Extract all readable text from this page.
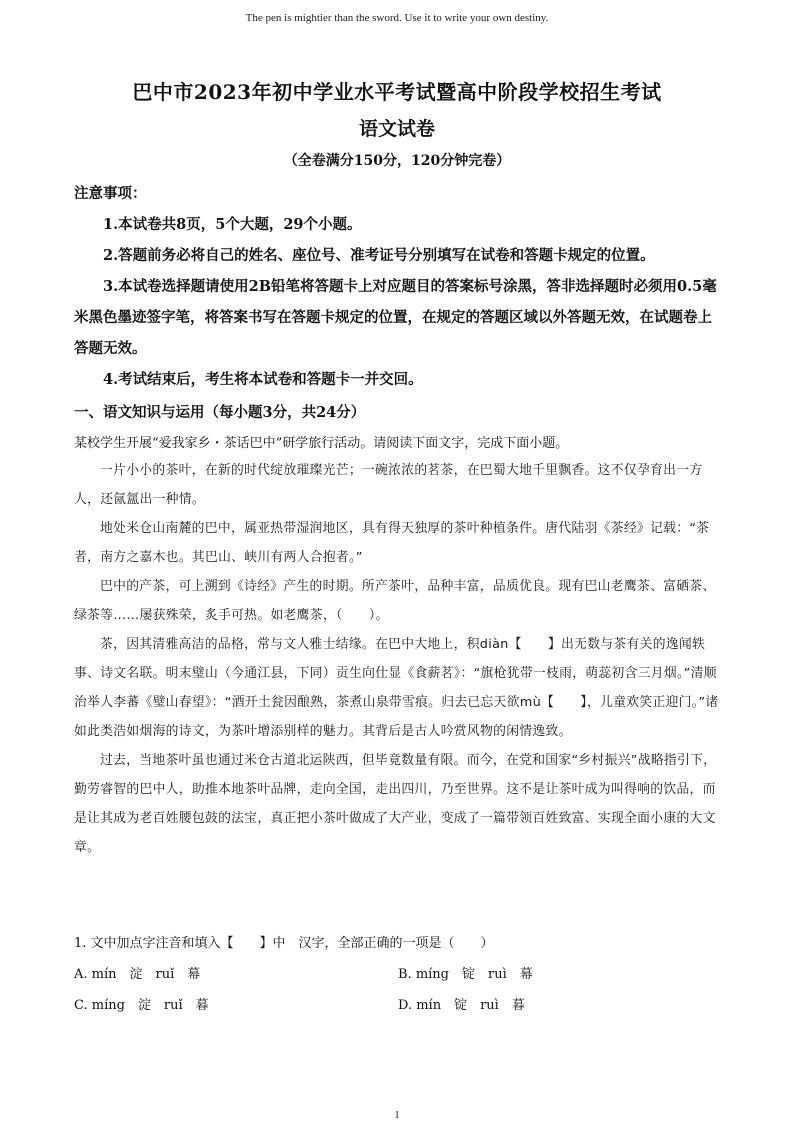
The pen is mightier than the sword. Use it to write your own destiny.
巴中市2023年初中学业水平考试暨高中阶段学校招生考试
语文试卷
（全卷满分150分，120分钟完卷）

注意事项：

1.本试卷共8页，5个大题，29个小题。

2.答题前务必将自己的姓名、座位号、准考证号分别填写在试卷和答题卡规定的位置。

3.本试卷选择题请使用2B铅笔将答题卡上对应题目的答案标号涂黑，答非选择题时必须用0.5毫米黑色墨迹签字笔，将答案书写在答题卡规定的位置，在规定的答题区域以外答题无效，在试题卷上答题无效。

4.考试结束后，考生将本试卷和答题卡一并交回。

一、语文知识与运用（每小题3分，共24分）
某校学生开展“爱我家乡・茶话巴中”研学旅行活动。请阅读下面文字，完成下面小题。

一片小小的茶叶，在新的时代绽放璀璨光芒；一碗浓浓的茗茶，在巴蜀大地千里飘香。这不仅孕育出一方人，还氤氲出一种情。

地处米仓山南麓的巴中，属亚热带湿润地区，具有得天独厚的茶叶种植条件。唐代陆羽《茶经》记载：“茶者，南方之嘉木也。其巴山、峡川有两人合抱者。”

巴中的产茶，可上溯到《诗经》产生的时期。所产茶叶，品种丰富，品质优良。现有巴山老鹰茶、富硒茶、绿茶等……屡获殊荣，炙手可热。如老鹰茶，（　　）。

茶，因其清雅高洁的品格，常与文人雅士结缘。在巴中大地上，积diàn【　　】出无数与茶有关的逸闻轶事、诗文名联。明末璧山（今通江县，下同）贡生向仕显《食薪茗》：“旗枪犹带一枝雨，萌蕊初含三月烟。”清顺治举人李蕃《璧山春望》：“酒开土瓮因酿熟，茶煮山泉带雪痕。归去已忘天欲mù【　　】，儿童欢笑正迎门。”诸如此类浩如烟海的诗文，为茶叶增添别样的魅力。其背后是古人吟赏风物的闲情逸致。

过去，当地茶叶虽也通过米仓古道北运陕西，但毕竟数量有限。而今，在党和国家“乡村振兴”战略指引下，勤劳睿智的巴中人，助推本地茶叶品牌，走向全国，走出四川，乃至世界。这不是让茶叶成为叫得响的饮品，而是让其成为老百姓腰包鼓的法宝，真正把小茶叶做成了大产业，变成了一篇带领百姓致富、实现全面小康的大文章。

1. 文中加点字注音和填入【　　】中　汉字，全部正确的一项是（　　）
A. mín　淀　ruǐ　幕	B. míng　锭　ruì　幕
C. míng　淀　ruǐ　暮	D. mín　锭　ruì　暮
1
